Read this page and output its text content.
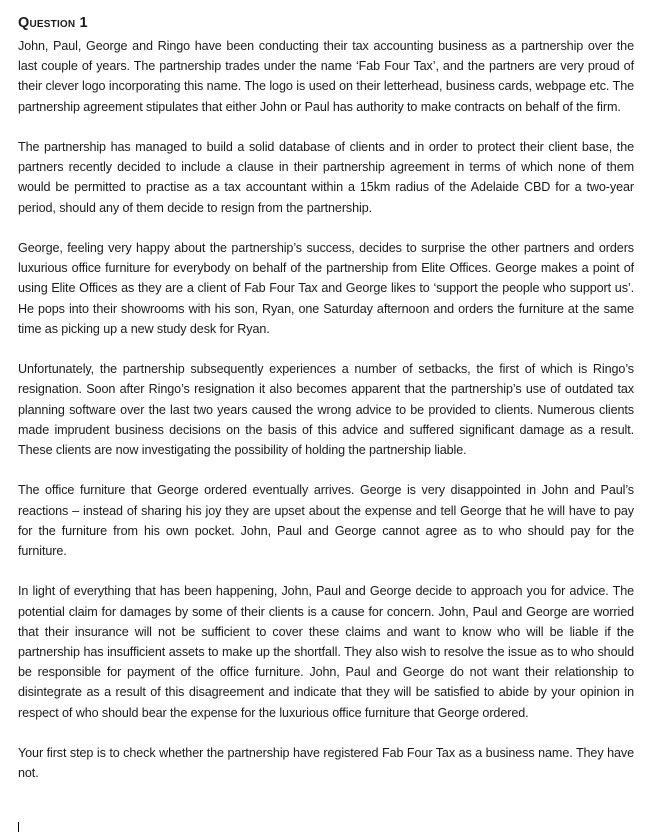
Question 1

John, Paul, George and Ringo have been conducting their tax accounting business as a partnership over the last couple of years. The partnership trades under the name ‘Fab Four Tax’, and the partners are very proud of their clever logo incorporating this name. The logo is used on their letterhead, business cards, webpage etc. The partnership agreement stipulates that either John or Paul has authority to make contracts on behalf of the firm.

The partnership has managed to build a solid database of clients and in order to protect their client base, the partners recently decided to include a clause in their partnership agreement in terms of which none of them would be permitted to practise as a tax accountant within a 15km radius of the Adelaide CBD for a two-year period, should any of them decide to resign from the partnership.

George, feeling very happy about the partnership’s success, decides to surprise the other partners and orders luxurious office furniture for everybody on behalf of the partnership from Elite Offices. George makes a point of using Elite Offices as they are a client of Fab Four Tax and George likes to ‘support the people who support us’. He pops into their showrooms with his son, Ryan, one Saturday afternoon and orders the furniture at the same time as picking up a new study desk for Ryan.

Unfortunately, the partnership subsequently experiences a number of setbacks, the first of which is Ringo’s resignation. Soon after Ringo’s resignation it also becomes apparent that the partnership’s use of outdated tax planning software over the last two years caused the wrong advice to be provided to clients. Numerous clients made imprudent business decisions on the basis of this advice and suffered significant damage as a result. These clients are now investigating the possibility of holding the partnership liable.

The office furniture that George ordered eventually arrives. George is very disappointed in John and Paul’s reactions – instead of sharing his joy they are upset about the expense and tell George that he will have to pay for the furniture from his own pocket. John, Paul and George cannot agree as to who should pay for the furniture.

In light of everything that has been happening, John, Paul and George decide to approach you for advice. The potential claim for damages by some of their clients is a cause for concern. John, Paul and George are worried that their insurance will not be sufficient to cover these claims and want to know who will be liable if the partnership has insufficient assets to make up the shortfall. They also wish to resolve the issue as to who should be responsible for payment of the office furniture. John, Paul and George do not want their relationship to disintegrate as a result of this disagreement and indicate that they will be satisfied to abide by your opinion in respect of who should bear the expense for the luxurious office furniture that George ordered.

Your first step is to check whether the partnership have registered Fab Four Tax as a business name. They have not.
